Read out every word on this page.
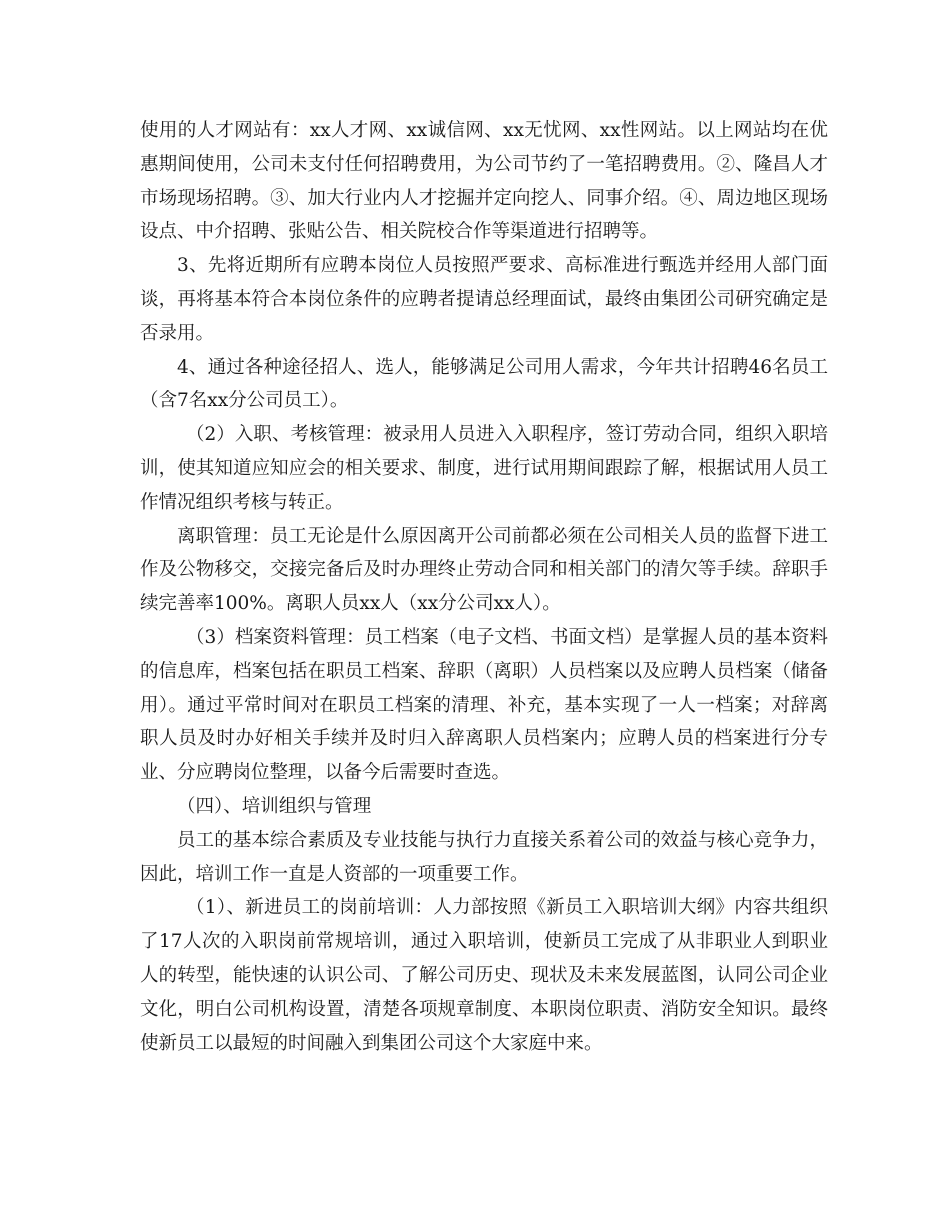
使用的人才网站有：xx人才网、xx诚信网、xx无忧网、xx性网站。以上网站均在优惠期间使用，公司未支付任何招聘费用，为公司节约了一笔招聘费用。②、隆昌人才市场现场招聘。③、加大行业内人才挖掘并定向挖人、同事介绍。④、周边地区现场设点、中介招聘、张贴公告、相关院校合作等渠道进行招聘等。

3、先将近期所有应聘本岗位人员按照严要求、高标准进行甄选并经用人部门面谈，再将基本符合本岗位条件的应聘者提请总经理面试，最终由集团公司研究确定是否录用。

4、通过各种途径招人、选人，能够满足公司用人需求，今年共计招聘46名员工（含7名xx分公司员工）。

（2）入职、考核管理：被录用人员进入入职程序，签订劳动合同，组织入职培训，使其知道应知应会的相关要求、制度，进行试用期间跟踪了解，根据试用人员工作情况组织考核与转正。

离职管理：员工无论是什么原因离开公司前都必须在公司相关人员的监督下进工作及公物移交，交接完备后及时办理终止劳动合同和相关部门的清欠等手续。辞职手续完善率100%。离职人员xx人（xx分公司xx人）。

（3）档案资料管理：员工档案（电子文档、书面文档）是掌握人员的基本资料的信息库，档案包括在职员工档案、辞职（离职）人员档案以及应聘人员档案（储备用）。通过平常时间对在职员工档案的清理、补充，基本实现了一人一档案；对辞离职人员及时办好相关手续并及时归入辞离职人员档案内；应聘人员的档案进行分专业、分应聘岗位整理，以备今后需要时查选。

（四）、培训组织与管理

员工的基本综合素质及专业技能与执行力直接关系着公司的效益与核心竞争力，因此，培训工作一直是人资部的一项重要工作。

（1）、新进员工的岗前培训：人力部按照《新员工入职培训大纲》内容共组织了17人次的入职岗前常规培训，通过入职培训，使新员工完成了从非职业人到职业人的转型，能快速的认识公司、了解公司历史、现状及未来发展蓝图，认同公司企业文化，明白公司机构设置，清楚各项规章制度、本职岗位职责、消防安全知识。最终使新员工以最短的时间融入到集团公司这个大家庭中来。
